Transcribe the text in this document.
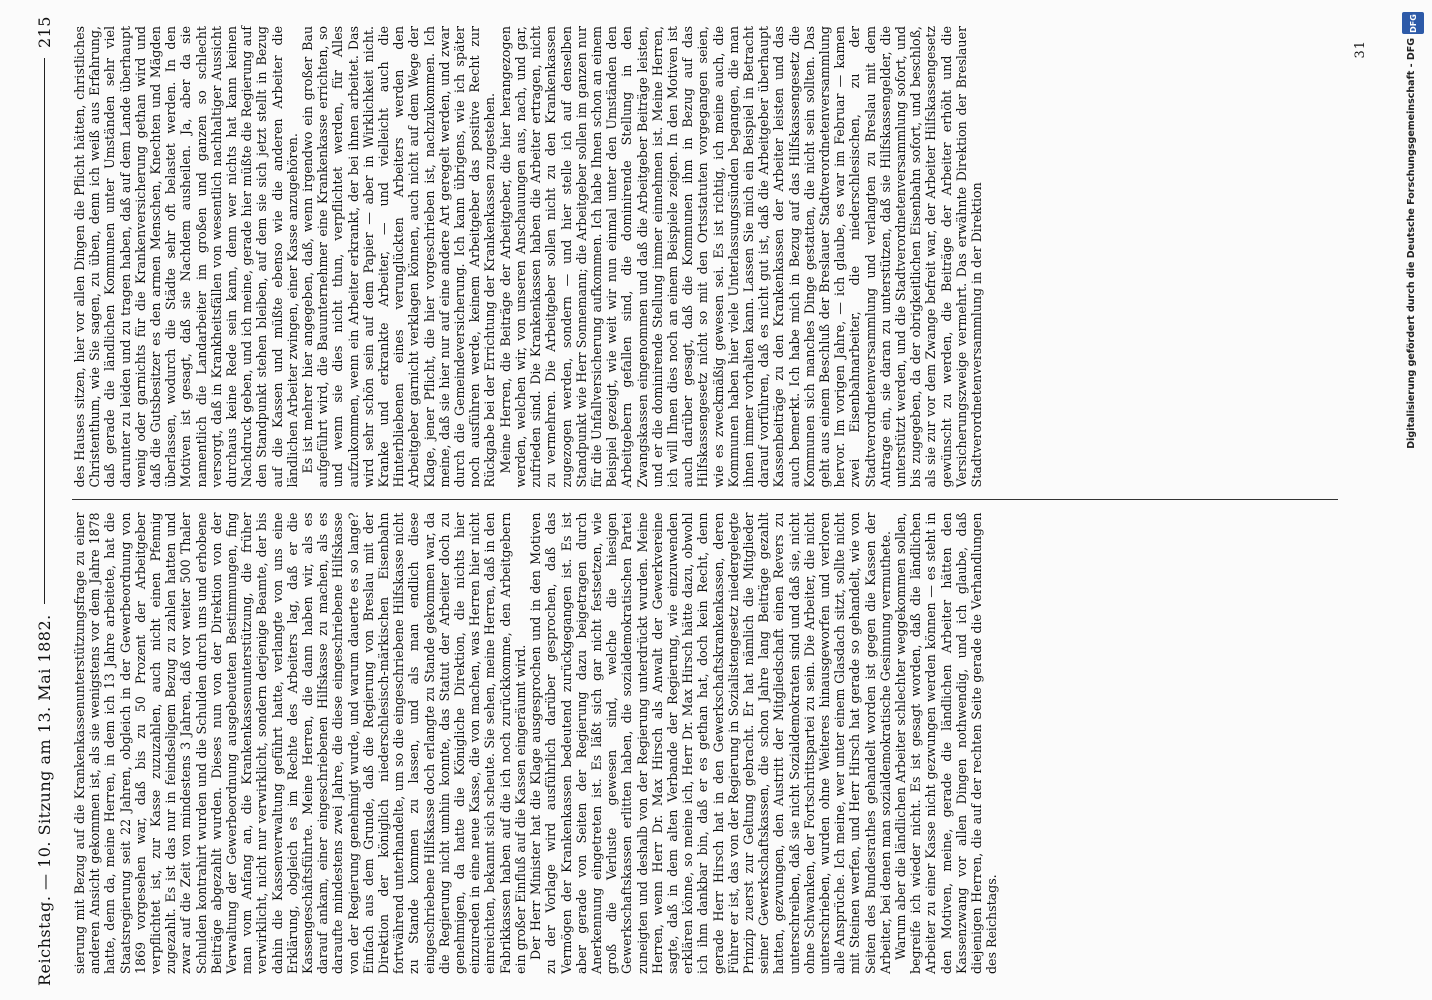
Reichstag. — 10. Sitzung am 13. Mai 1882.
215

sierung mit Bezug auf die Krankenkassenunterstützungsfrage zu einer anderen Ansicht gekommen ist, als sie wenigstens vor dem Jahre 1878 hatte, denn da, meine Herren, in dem ich 13 Jahre arbeitete, hat die Staatsregierung seit 22 Jahren, obgleich in der Gewerbeordnung von 1869 vorgesehen war, daß bis zu 50 Prozent der Arbeitgeber verpflichtet ist, zur Kasse zuzuzahlen, auch nicht einen Pfennig zugezahlt. Es ist das nur in feindseligem Bezug zu zahlen hatten und zwar auf die Zeit von mindestens 3 Jahren, daß vor weiter 500 Thaler Schulden kontrahirt wurden und die Schulden durch uns und erhobene Beiträge abgezahlt wurden. Dieses nun von der Direktion von der Verwaltung der Gewerbeordnung ausgebeuteten Bestimmungen, fing man vom Anfang an, die Krankenkassenunterstützung, die früher verwirklicht, nicht nur verwirklicht, sondern derjenige Beamte, der bis dahin die Kassenverwaltung geführt hatte, verlangte von uns eine Erklärung, obgleich es im Rechte des Arbeiters lag, daß er die Kassengeschäftsführte. Meine Herren, die dann haben wir, als es darauf ankam, einer eingeschriebenen Hilfskasse zu machen, als es daraufte mindestens zwei Jahre, die diese eingeschriebene Hilfskasse von der Regierung genehmigt wurde, und warum dauerte es so lange? Einfach aus dem Grunde, daß die Regierung von Breslau mit der Direktion der königlich niederschlesisch-märkischen Eisenbahn fortwährend unterhandelte, um so die eingeschriebene Hilfskasse nicht zu Stande kommen zu lassen, und als man endlich diese eingeschriebene Hilfskasse doch erlangte zu Stande gekommen war, da die Regierung nicht umhin konnte, das Statut der Arbeiter doch zu genehmigen, da hatte die Königliche Direktion, die nichts hier einzureden in eine neue Kasse, die von machen, was Herren hier nicht einreichten, bekannt sich scheute. Sie sehen, meine Herren, daß in den Fabrikkassen haben auf die ich noch zurückkomme, den Arbeitgebern ein großer Einfluß auf die Kassen eingeräumt wird. Der Herr Minister hat die Klage ausgesprochen und in den Motiven zu der Vorlage wird ausführlich darüber gesprochen, daß das Vermögen der Krankenkassen bedeutend zurückgegangen ist. Es ist aber gerade von Seiten der Regierung dazu beigetragen durch Anerkennung eingetreten ist. Es läßt sich gar nicht festsetzen, wie groß die Verluste gewesen sind, welche die hiesigen Gewerkschaftskassen erlitten haben, die sozialdemokratischen Partei zuneigten und deshalb von der Regierung unterdrückt wurden. Meine Herren, wenn Herr Dr. Max Hirsch als Anwalt der Gewerkvereine sagte, daß in dem alten Verbande der Regierung, wie einzuwenden erklären könne, so meine ich, Herr Dr. Max Hirsch hätte dazu, obwohl ich ihm dankbar bin, daß er es gethan hat, doch kein Recht, denn gerade Herr Hirsch hat in den Gewerkschaftskrankenkassen, deren Führer er ist, das von der Regierung in Sozialistengesetz niedergelegte Prinzip zuerst zur Geltung gebracht. Er hat nämlich die Mitglieder seiner Gewerkschaftskassen, die schon Jahre lang Beiträge gezahlt hatten, gezwungen, den Austritt der Mitgliedschaft einen Revers zu unterschreiben, daß sie nicht Sozialdemokraten sind und daß sie, nicht ohne Schwanken, der Fortschrittspartei zu sein. Die Arbeiter, die nicht unterschrieben, wurden ohne Weiteres hinausgeworfen und verloren alle Ansprüche. Ich meine, wer unter einem Glasdach sitzt, sollte nicht mit Steinen werfen, und Herr Hirsch hat gerade so gehandelt, wie von Seiten des Bundesrathes gehandelt worden ist gegen die Kassen der Arbeiter, bei denen man sozialdemokratische Gesinnung vermuthete. Warum aber die ländlichen Arbeiter schlechter weggekommen sollen, begreife ich wieder nicht. Es ist gesagt worden, daß die ländlichen Arbeiter zu einer Kasse nicht gezwungen werden können — es steht in den Motiven, meine, gerade die ländlichen Arbeiter hätten den Kassenzwang vor allen Dingen nothwendig, und ich glaube, daß diejenigen Herren, die auf der rechten Seite gerade die Verhandlungen des Reichstags.

des Hauses sitzen, hier vor allen Dingen die Pflicht hätten, christliches Christenthum, wie Sie sagen, zu üben, denn ich weiß aus Erfahrung, daß gerade die ländlichen Kommunen unter Umständen sehr viel darunter zu leiden und zu tragen haben, daß auf dem Lande überhaupt wenig oder garnichts für die Krankenversicherung gethan wird und daß die Gutsbesitzer es den armen Menschen, Knechten und Mägden überlassen, wodurch die Städte sehr oft belastet werden. In den Motiven ist gesagt, daß sie Nachdem ausheilen. Ja, aber da sie namentlich die Landarbeiter im großen und ganzen so schlecht versorgt, daß in Krankheitsfällen von wesentlich nachhaltiger Aussicht durchaus keine Rede sein kann, denn wer nichts hat kann keinen Nachdruck geben, und ich meine, gerade hier müßte die Regierung auf den Standpunkt stehen bleiben, auf dem sie sich jetzt stellt in Bezug auf die Kassen und müßte ebenso wie die anderen Arbeiter die ländlichen Arbeiter zwingen, einer Kasse anzugehören. Es ist mehrer hier angegeben, daß, wenn irgendwo ein großer Bau aufgeführt wird, die Bauunternehmer eine Krankenkasse errichten, so und wenn sie dies nicht thun, verpflichtet werden, für Alles aufzukommen, wenn ein Arbeiter erkrankt, der bei ihnen arbeitet. Das wird sehr schön sein auf dem Papier — aber in Wirklichkeit nicht. Kranke und erkrankte Arbeiter, — und vielleicht auch die Hinterbliebenen eines verunglückten Arbeiters werden den Arbeitgeber garnicht verklagen können, auch nicht auf dem Wege der Klage, jener Pflicht, die hier vorgeschrieben ist, nachzukommen. Ich meine, daß sie hier nur auf eine andere Art geregelt werden, und zwar durch die Gemeindeversicherung. Ich kann übrigens, wie ich später noch ausführen werde, keinem Arbeitgeber das positive Recht zur Rückgabe bei der Errichtung der Krankenkassen zugestehen. Meine Herren, die Beiträge der Arbeitgeber, die hier herangezogen werden, welchen wir, von unseren Anschauungen aus, nach, und gar, zufrieden sind. Die Krankenkassen haben die Arbeiter ertragen, nicht zu vermehren. Die Arbeitgeber sollen nicht zu den Krankenkassen zugezogen werden, sondern — und hier stelle ich auf denselben Standpunkt wie Herr Sonnemann; die Arbeitgeber sollen im ganzen nur für die Unfallversicherung aufkommen. Ich habe Ihnen schon an einem Beispiel gezeigt, wie weit wir nun einmal unter den Umständen den Arbeitgebern gefallen sind, die dominirende Stellung in den Zwangskassen eingenommen und daß die Arbeitgeber Beiträge leisten, und er die dominirende Stellung immer einnehmen ist. Meine Herren, ich will Ihnen dies noch an einem Beispiele zeigen. In den Motiven ist auch darüber gesagt, daß die Kommunen ihm in Bezug auf das Hilfskassengesetz nicht so mit den Ortsstatuten vorgegangen seien, wie es zweckmäßig gewesen sei. Es ist richtig, ich meine auch, die Kommunen haben hier viele Unterlassungssünden begangen, die man ihnen immer vorhalten kann. Lassen Sie mich ein Beispiel in Betracht darauf vorführen, daß es nicht gut ist, daß die Arbeitgeber überhaupt Kassenbeiträge zu den Krankenkassen der Arbeiter leisten und das auch bemerkt. Ich habe mich in Bezug auf das Hilfskassengesetz die Kommunen sich manches Dinge gestatten, die nicht sein sollten. Das geht aus einem Beschluß der Breslauer Stadtverordnetenversammlung hervor. Im vorigen Jahre, — ich glaube, es war im Februar — kamen zwei Eisenbahnarbeiter, die niederschlesischen, zu der Stadtverordnetenversammlung und verlangten zu Breslau mit dem Antrage ein, sie daran zu unterstützen, daß sie Hilfskassengelder, die unterstützt werden, und die Stadtverordnetenversammlung sofort, und bis zugegeben, da der obrigkeitlichen Eisenbahn sofort, und beschloß, als sie zur vor dem Zwange befreit war, der Arbeiter Hilfskassengesetz gewünscht zu werden, die Beiträge der Arbeiter erhöht und die Versicherungszweige vermehrt. Das erwähnte Direktion der Breslauer Stadtverordnetenversammlung in der Direktion

31
DFG
Digitalisierung gefördert durch die Deutsche Forschungsgemeinschaft - DFG
